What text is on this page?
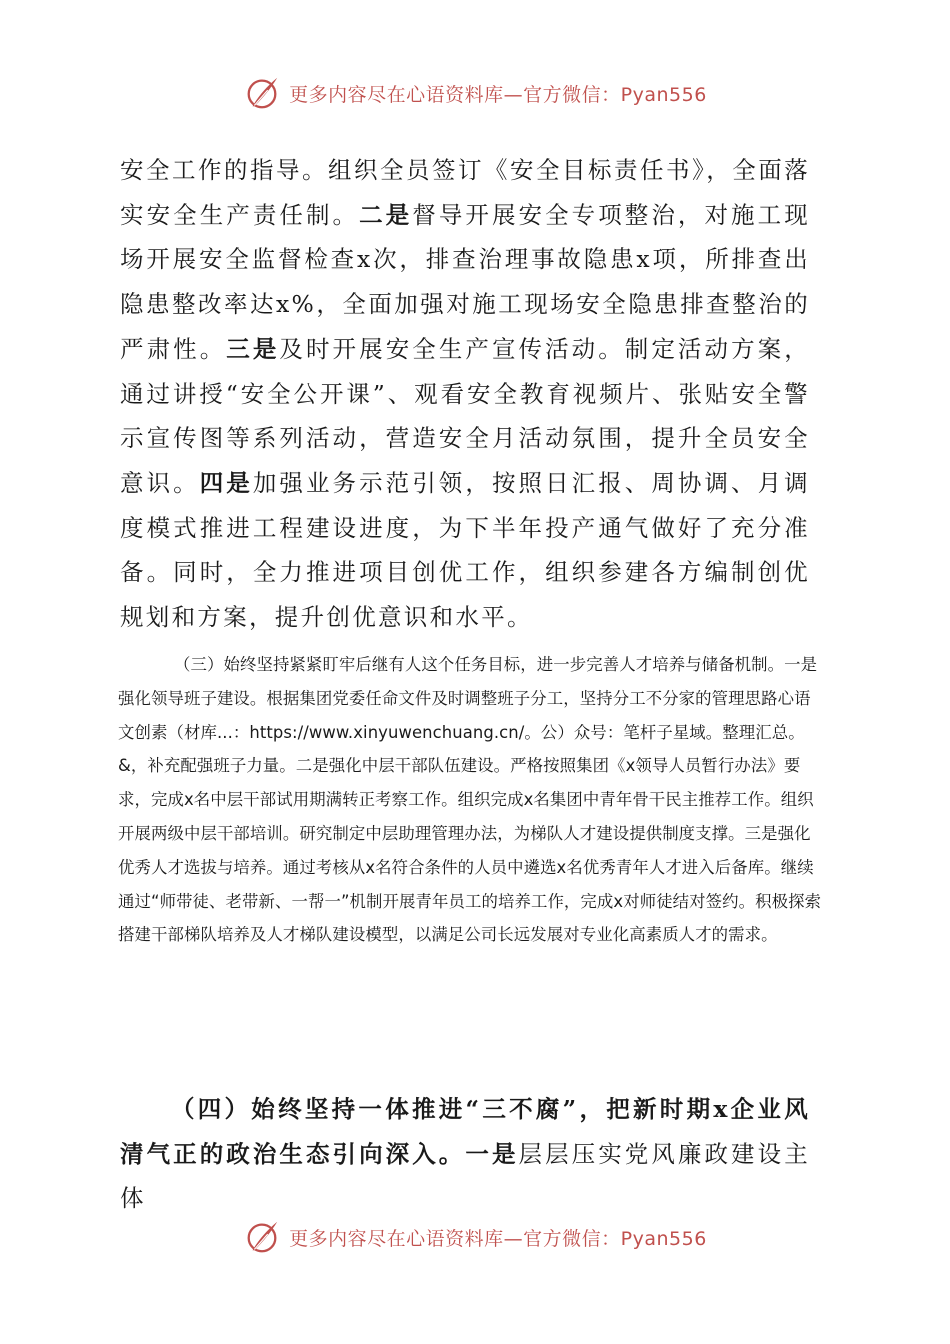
更多内容尽在心语资料库—官方微信：Pyan556

安全工作的指导。组织全员签订《安全目标责任书》，全面落实安全生产责任制。二是督导开展安全专项整治，对施工现场开展安全监督检查x次，排查治理事故隐患x项，所排查出隐患整改率达x%，全面加强对施工现场安全隐患排查整治的严肃性。三是及时开展安全生产宣传活动。制定活动方案，通过讲授“安全公开课”、观看安全教育视频片、张贴安全警示宣传图等系列活动，营造安全月活动氛围，提升全员安全意识。四是加强业务示范引领，按照日汇报、周协调、月调度模式推进工程建设进度，为下半年投产通气做好了充分准备。同时，全力推进项目创优工作，组织参建各方编制创优规划和方案，提升创优意识和水平。

（三）始终坚持紧紧盯牢后继有人这个任务目标，进一步完善人才培养与储备机制。一是强化领导班子建设。根据集团党委任命文件及时调整班子分工，坚持分工不分家的管理思路心语文创素（材库...：https://www.xinyuwenchuang.cn/。公）众号：笔杆子星域。整理汇总。&，补充配强班子力量。二是强化中层干部队伍建设。严格按照集团《x领导人员暂行办法》要求，完成x名中层干部试用期满转正考察工作。组织完成x名集团中青年骨干民主推荐工作。组织开展两级中层干部培训。研究制定中层助理管理办法，为梯队人才建设提供制度支撑。三是强化优秀人才选拔与培养。通过考核从x名符合条件的人员中遴选x名优秀青年人才进入后备库。继续通过“师带徒、老带新、一帮一”机制开展青年员工的培养工作，完成x对师徒结对签约。积极探索搭建干部梯队培养及人才梯队建设模型，以满足公司长远发展对专业化高素质人才的需求。

（四）始终坚持一体推进“三不腐”，把新时期x企业风清气正的政治生态引向深入。一是层层压实党风廉政建设主体

更多内容尽在心语资料库—官方微信：Pyan556
